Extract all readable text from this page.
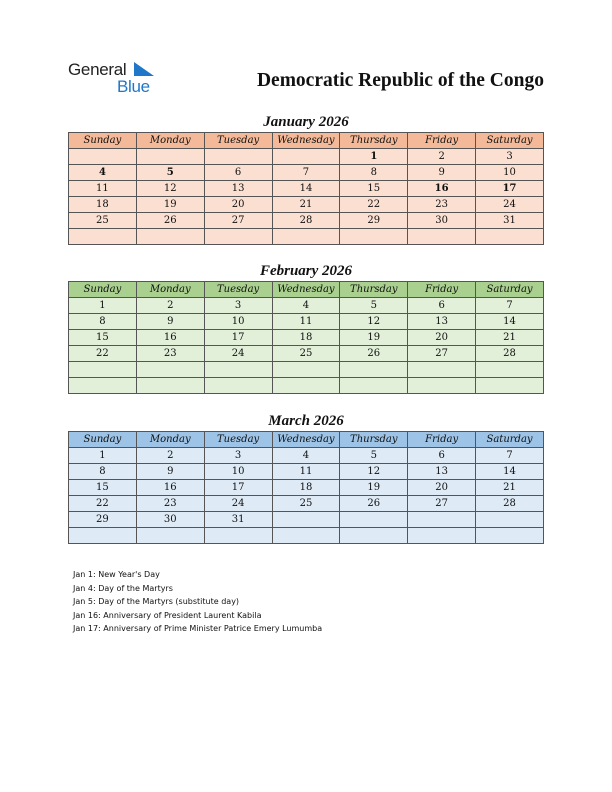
General
Blue	Democratic Republic of the Congo
January 2026
Sunday	Monday	Tuesday	Wednesday	Thursday	Friday	Saturday
				1	2	3
4	5	6	7	8	9	10
11	12	13	14	15	16	17
18	19	20	21	22	23	24
25	26	27	28	29	30	31

February 2026
Sunday	Monday	Tuesday	Wednesday	Thursday	Friday	Saturday
1	2	3	4	5	6	7
8	9	10	11	12	13	14
15	16	17	18	19	20	21
22	23	24	25	26	27	28

March 2026
Sunday	Monday	Tuesday	Wednesday	Thursday	Friday	Saturday
1	2	3	4	5	6	7
8	9	10	11	12	13	14
15	16	17	18	19	20	21
22	23	24	25	26	27	28
29	30	31				

Jan 1: New Year's Day
Jan 4: Day of the Martyrs
Jan 5: Day of the Martyrs (substitute day)
Jan 16: Anniversary of President Laurent Kabila
Jan 17: Anniversary of Prime Minister Patrice Emery Lumumba
